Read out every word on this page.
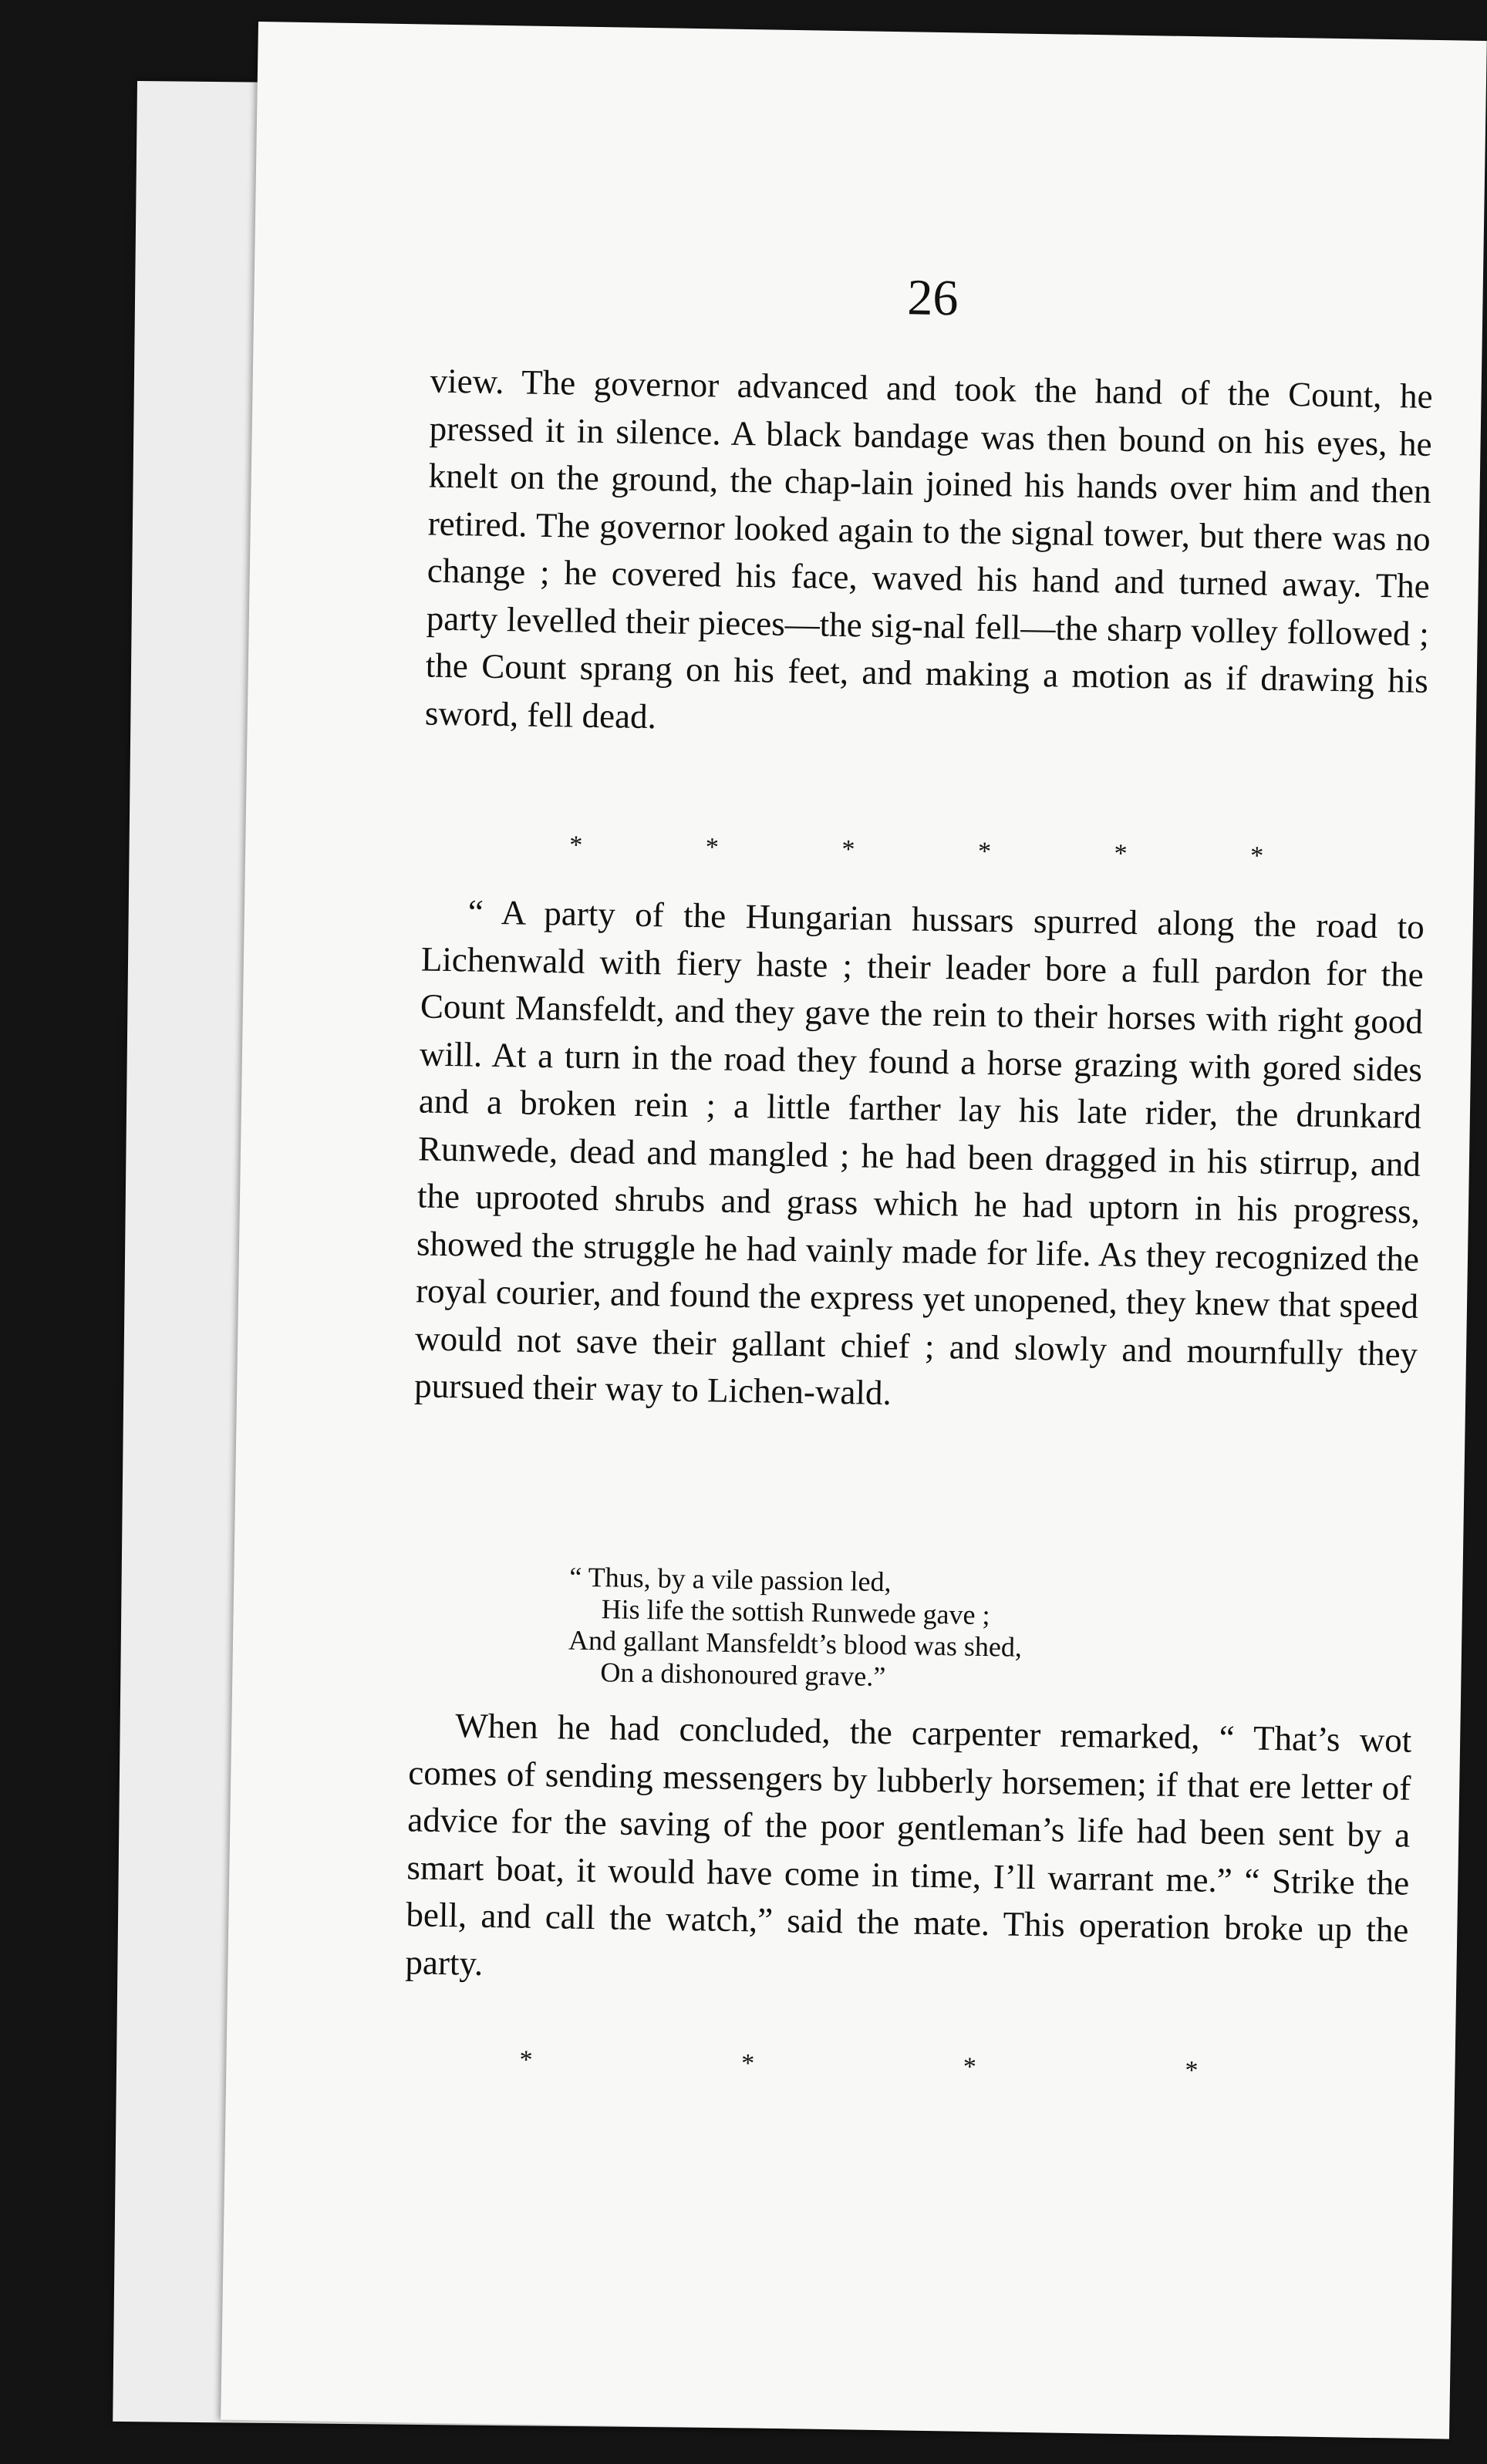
26

view. The governor advanced and took the hand of the Count, he pressed it in silence. A black bandage was then bound on his eyes, he knelt on the ground, the chap-lain joined his hands over him and then retired. The governor looked again to the signal tower, but there was no change ; he covered his face, waved his hand and turned away. The party levelled their pieces—the sig-nal fell—the sharp volley followed ; the Count sprang on his feet, and making a motion as if drawing his sword, fell dead.

*	*	*	*	*	*

“ A party of the Hungarian hussars spurred along the road to Lichenwald with fiery haste ; their leader bore a full pardon for the Count Mansfeldt, and they gave the rein to their horses with right good will. At a turn in the road they found a horse grazing with gored sides and a broken rein ; a little farther lay his late rider, the drunkard Runwede, dead and mangled ; he had been dragged in his stirrup, and the uprooted shrubs and grass which he had uptorn in his progress, showed the struggle he had vainly made for life. As they recognized the royal courier, and found the express yet unopened, they knew that speed would not save their gallant chief ; and slowly and mournfully they pursued their way to Lichen-wald.

“ Thus, by a vile passion led,
His life the sottish Runwede gave ;
And gallant Mansfeldt’s blood was shed,
On a dishonoured grave.”

When he had concluded, the carpenter remarked, “ That’s wot comes of sending messengers by lubberly horsemen; if that ere letter of advice for the saving of the poor gentleman’s life had been sent by a smart boat, it would have come in time, I’ll warrant me.” “ Strike the bell, and call the watch,” said the mate. This operation broke up the party.

*	*	*	*
